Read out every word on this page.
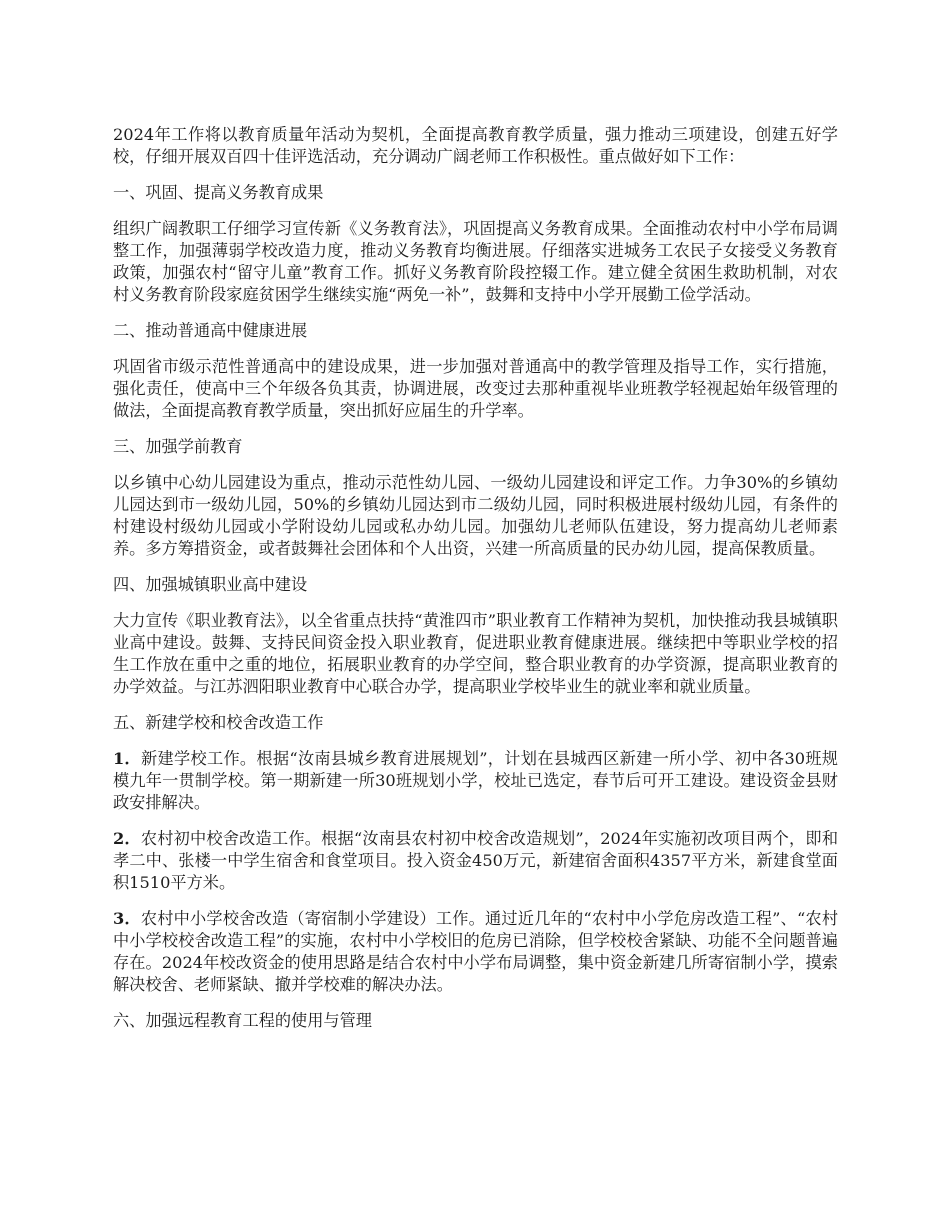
2024年工作将以教育质量年活动为契机，全面提高教育教学质量，强力推动三项建设，创建五好学校，仔细开展双百四十佳评选活动，充分调动广阔老师工作积极性。重点做好如下工作：

一、巩固、提高义务教育成果

组织广阔教职工仔细学习宣传新《义务教育法》，巩固提高义务教育成果。全面推动农村中小学布局调整工作，加强薄弱学校改造力度，推动义务教育均衡进展。仔细落实进城务工农民子女接受义务教育政策，加强农村“留守儿童”教育工作。抓好义务教育阶段控辍工作。建立健全贫困生救助机制，对农村义务教育阶段家庭贫困学生继续实施“两免一补”，鼓舞和支持中小学开展勤工俭学活动。

二、推动普通高中健康进展

巩固省市级示范性普通高中的建设成果，进一步加强对普通高中的教学管理及指导工作，实行措施，强化责任，使高中三个年级各负其责，协调进展，改变过去那种重视毕业班教学轻视起始年级管理的做法，全面提高教育教学质量，突出抓好应届生的升学率。

三、加强学前教育

以乡镇中心幼儿园建设为重点，推动示范性幼儿园、一级幼儿园建设和评定工作。力争30%的乡镇幼儿园达到市一级幼儿园，50%的乡镇幼儿园达到市二级幼儿园，同时积极进展村级幼儿园，有条件的村建设村级幼儿园或小学附设幼儿园或私办幼儿园。加强幼儿老师队伍建设，努力提高幼儿老师素养。多方筹措资金，或者鼓舞社会团体和个人出资，兴建一所高质量的民办幼儿园，提高保教质量。

四、加强城镇职业高中建设

大力宣传《职业教育法》，以全省重点扶持“黄淮四市”职业教育工作精神为契机，加快推动我县城镇职业高中建设。鼓舞、支持民间资金投入职业教育，促进职业教育健康进展。继续把中等职业学校的招生工作放在重中之重的地位，拓展职业教育的办学空间，整合职业教育的办学资源，提高职业教育的办学效益。与江苏泗阳职业教育中心联合办学，提高职业学校毕业生的就业率和就业质量。

五、新建学校和校舍改造工作

1．新建学校工作。根据“汝南县城乡教育进展规划”，计划在县城西区新建一所小学、初中各30班规模九年一贯制学校。第一期新建一所30班规划小学，校址已选定，春节后可开工建设。建设资金县财政安排解决。

2．农村初中校舍改造工作。根据“汝南县农村初中校舍改造规划”，2024年实施初改项目两个，即和孝二中、张楼一中学生宿舍和食堂项目。投入资金450万元，新建宿舍面积4357平方米，新建食堂面积1510平方米。

3．农村中小学校舍改造（寄宿制小学建设）工作。通过近几年的“农村中小学危房改造工程”、“农村中小学校校舍改造工程”的实施，农村中小学校旧的危房已消除，但学校校舍紧缺、功能不全问题普遍存在。2024年校改资金的使用思路是结合农村中小学布局调整，集中资金新建几所寄宿制小学，摸索解决校舍、老师紧缺、撤并学校难的解决办法。

六、加强远程教育工程的使用与管理
